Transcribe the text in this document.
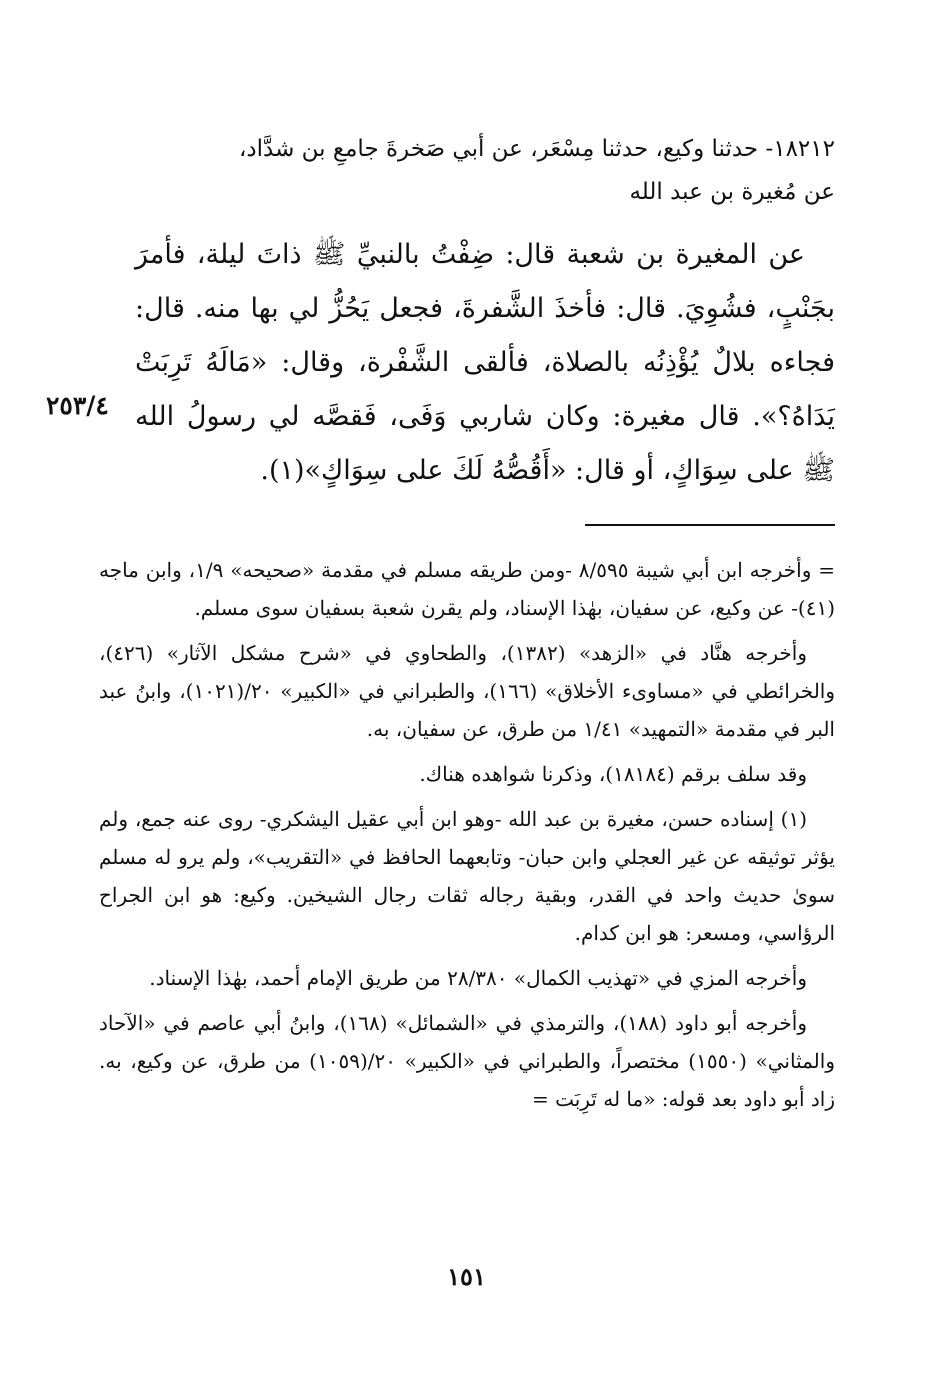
١٨٢١٢- حدثنا وكيع، حدثنا مِسْعَر، عن أبي صَخرةَ جامعِ بن شدَّاد،

عن مُغيرة بن عبد الله

عن المغيرة بن شعبة قال: ضِفْتُ بالنبيِّ ﷺ ذاتَ ليلة، فأمرَ بجَنْبٍ، فشُوِيَ. قال: فأخذَ الشَّفرةَ، فجعل يَحُزُّ لي بها منه. قال: فجاءه بلالٌ يُؤْذِنُه بالصلاة، فألقى الشَّفْرة، وقال: «مَالَهُ تَرِبَتْ يَدَاهُ؟». قال مغيرة: وكان شاربي وَفَى، فَقصَّه لي رسولُ الله ﷺ على سِوَاكٍ، أو قال: «أَقُصُّهُ لَكَ على سِوَاكٍ»(١).

٢٥٣/٤

= وأخرجه ابن أبي شيبة ٨/٥٩٥ -ومن طريقه مسلم في مقدمة «صحيحه» ١/٩، وابن ماجه (٤١)- عن وكيع، عن سفيان، بهٰذا الإسناد، ولم يقرن شعبة بسفيان سوى مسلم.

وأخرجه هنَّاد في «الزهد» (١٣٨٢)، والطحاوي في «شرح مشكل الآثار» (٤٢٦)، والخرائطي في «مساوىء الأخلاق» (١٦٦)، والطبراني في «الكبير» ٢٠/(١٠٢١)، وابنُ عبد البر في مقدمة «التمهيد» ١/٤١ من طرق، عن سفيان، به.

وقد سلف برقم (١٨١٨٤)، وذكرنا شواهده هناك.

(١) إسناده حسن، مغيرة بن عبد الله -وهو ابن أبي عقيل اليشكري- روى عنه جمع، ولم يؤثر توثيقه عن غير العجلي وابن حبان- وتابعهما الحافظ في «التقريب»، ولم يرو له مسلم سوىٰ حديث واحد في القدر، وبقية رجاله ثقات رجال الشيخين. وكيع: هو ابن الجراح الرؤاسي، ومسعر: هو ابن كدام.

وأخرجه المزي في «تهذيب الكمال» ٢٨/٣٨٠ من طريق الإمام أحمد، بهٰذا الإسناد.

وأخرجه أبو داود (١٨٨)، والترمذي في «الشمائل» (١٦٨)، وابنُ أبي عاصم في «الآحاد والمثاني» (١٥٥٠) مختصراً، والطبراني في «الكبير» ٢٠/(١٠٥٩) من طرق، عن وكيع، به. زاد أبو داود بعد قوله: «ما له تَرِبَت =

١٥١
